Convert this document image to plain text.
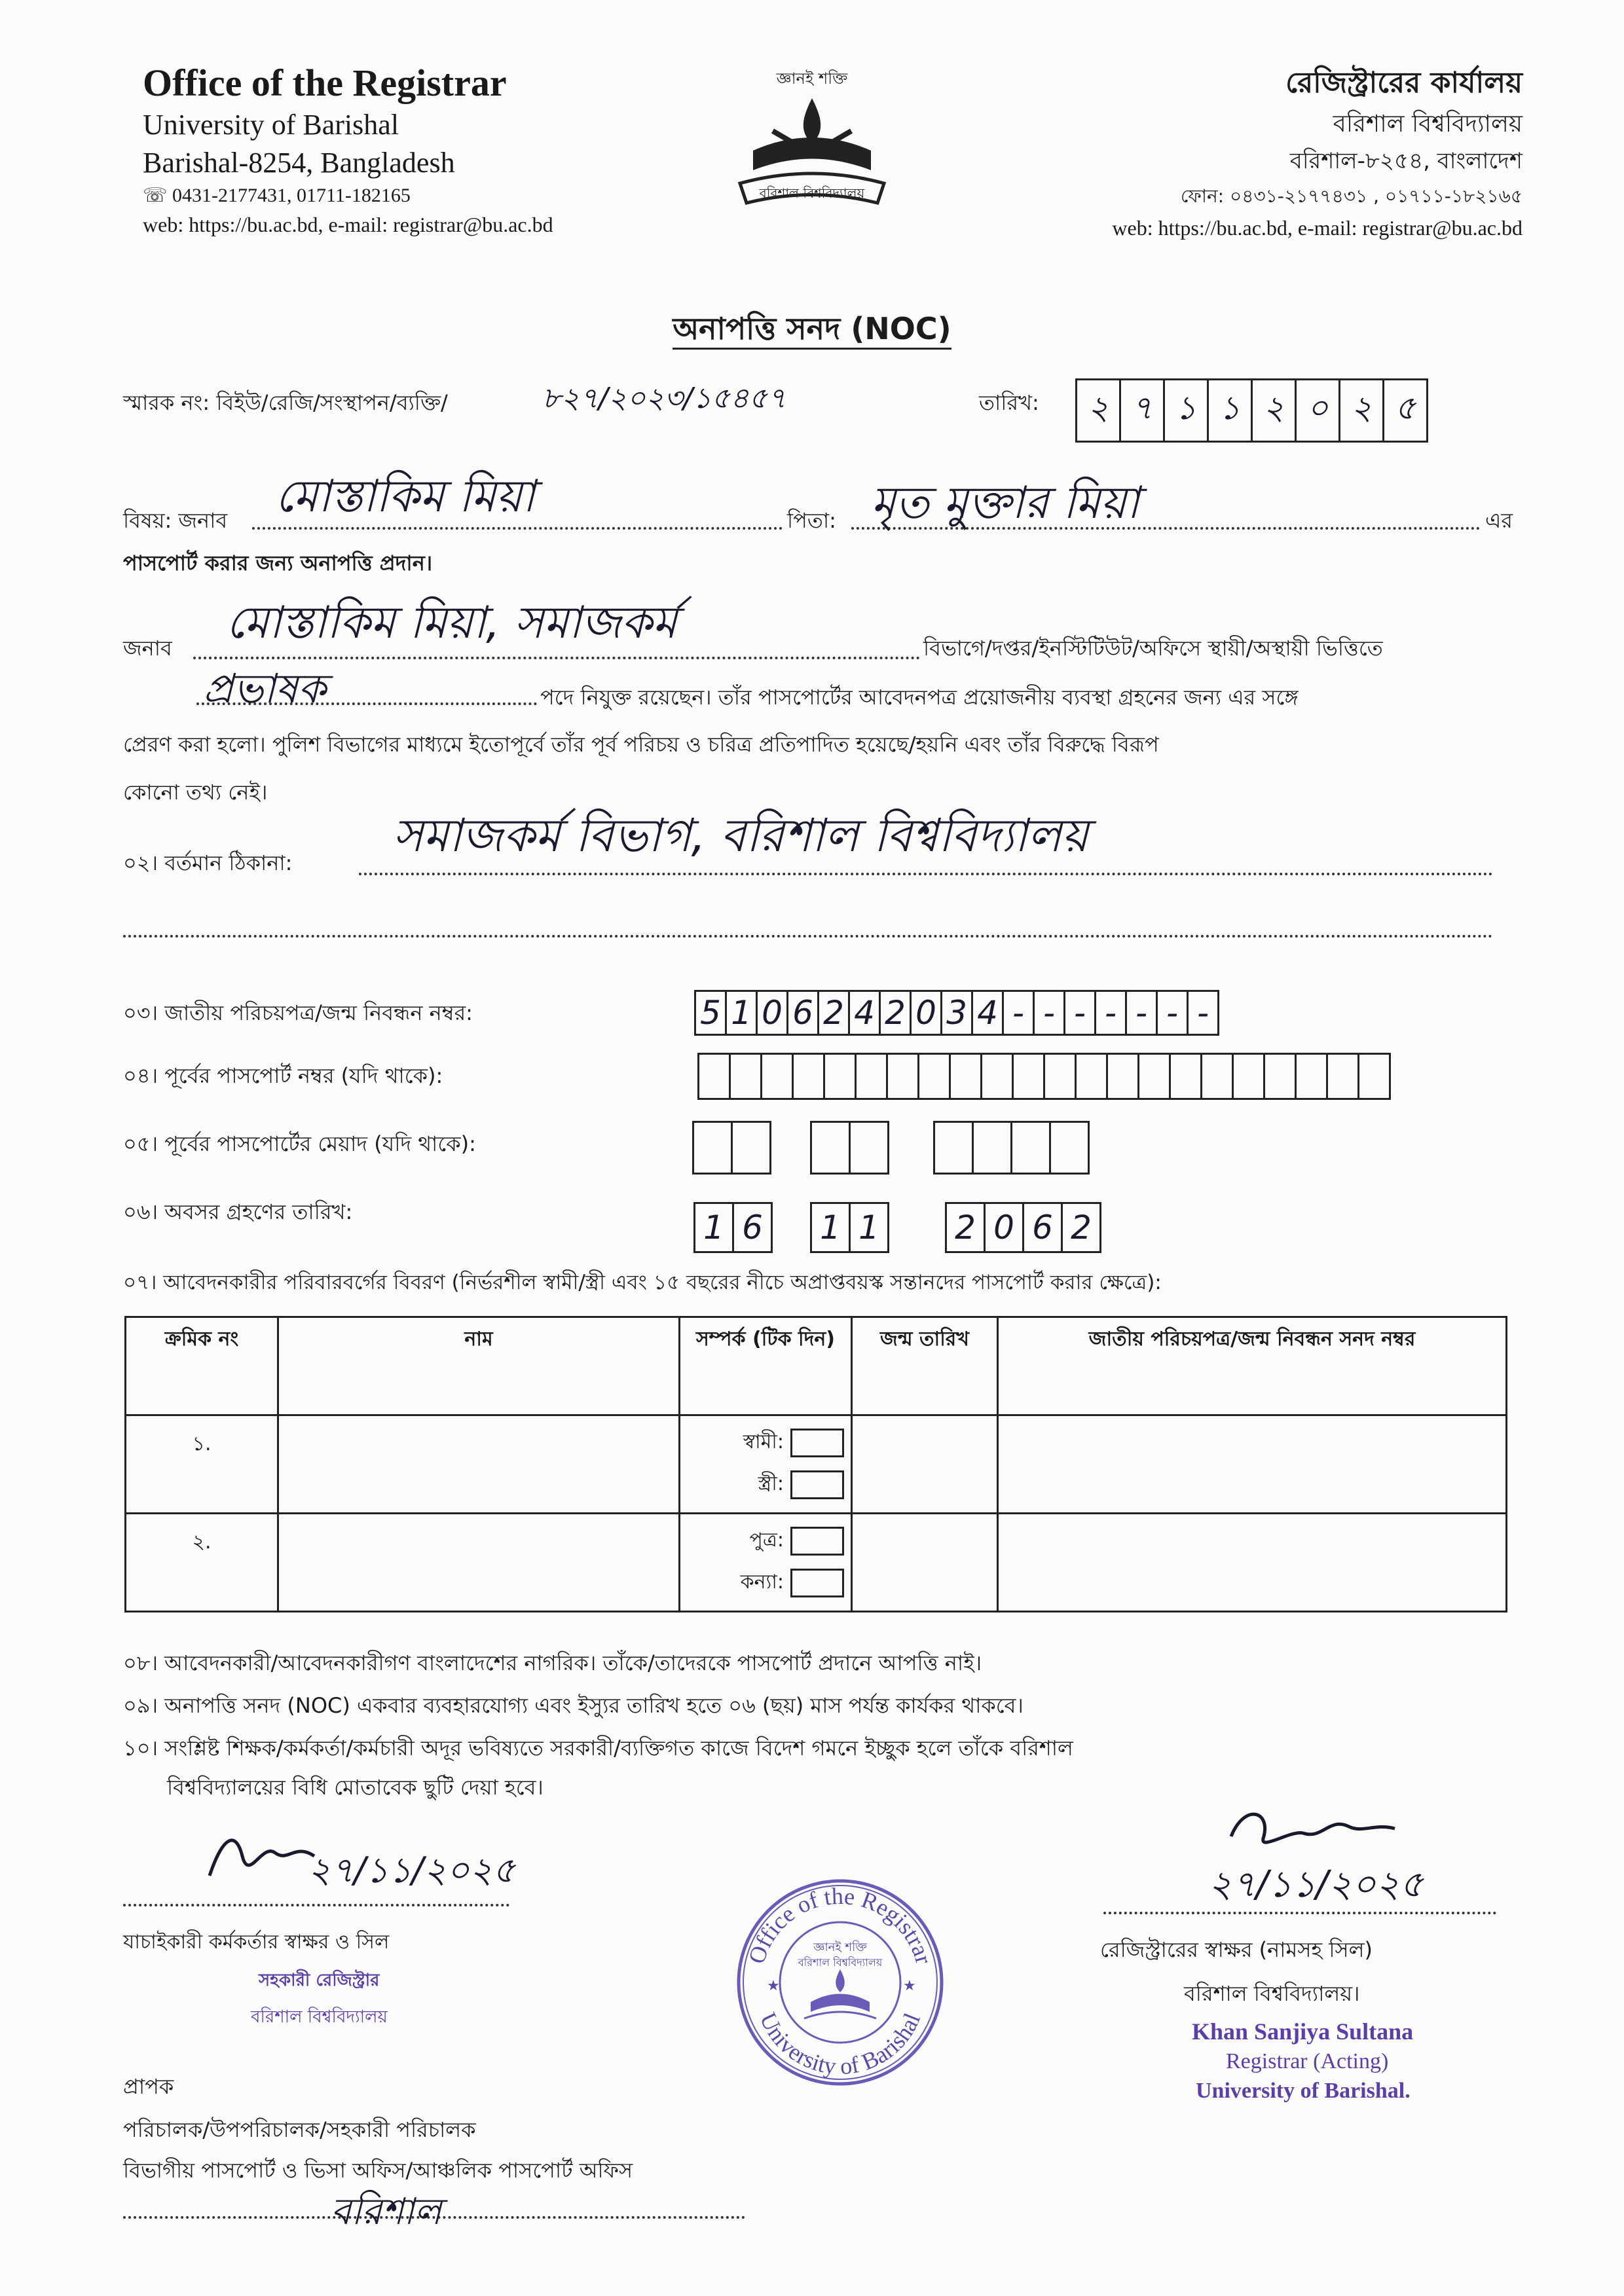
Office of the Registrar
University of Barishal
Barishal-8254, Bangladesh
☏ 0431-2177431, 01711-182165
web: https://bu.ac.bd, e-mail: registrar@bu.ac.bd
জ্ঞানই শক্তি
বরিশাল বিশ্ববিদ্যালয়
রেজিস্ট্রারের কার্যালয়
বরিশাল বিশ্ববিদ্যালয়
বরিশাল-৮২৫৪, বাংলাদেশ
ফোন: ০৪৩১-২১৭৭৪৩১ , ০১৭১১-১৮২১৬৫
web: https://bu.ac.bd, e-mail: registrar@bu.ac.bd
অনাপত্তি সনদ (NOC)
স্মারক নং: বিইউ/রেজি/সংস্থাপন/ব্যক্তি/	৮২৭/২০২৩/১৫৪৫৭	তারিখ:	২ ৭ ১ ১ ২ ০ ২ ৫
বিষয়: জনাব মোস্তাকিম মিয়া	পিতা: মৃত মুক্তার মিয়া	এর
পাসপোর্ট করার জন্য অনাপত্তি প্রদান।
জনাব মোস্তাকিম মিয়া, সমাজকর্ম	বিভাগে/দপ্তর/ইনস্টিটিউট/অফিসে স্থায়ী/অস্থায়ী ভিত্তিতে
প্রভাষক	পদে নিযুক্ত রয়েছেন। তাঁর পাসপোর্টের আবেদনপত্র প্রয়োজনীয় ব্যবস্থা গ্রহনের জন্য এর সঙ্গে
প্রেরণ করা হলো। পুলিশ বিভাগের মাধ্যমে ইতোপূর্বে তাঁর পূর্ব পরিচয় ও চরিত্র প্রতিপাদিত হয়েছে/হয়নি এবং তাঁর বিরুদ্ধে বিরূপ
কোনো তথ্য নেই।
০২। বর্তমান ঠিকানা:
সমাজকর্ম বিভাগ, বরিশাল বিশ্ববিদ্যালয়
০৩। জাতীয় পরিচয়পত্র/জন্ম নিবন্ধন নম্বর:	5 1 0 6 2 4 2 0 3 4 - - - - - - -
০৪। পূর্বের পাসপোর্ট নম্বর (যদি থাকে):
০৫। পূর্বের পাসপোর্টের মেয়াদ (যদি থাকে):
০৬। অবসর গ্রহণের তারিখ:	1 6	1 1	2 0 6 2
০৭। আবেদনকারীর পরিবারবর্গের বিবরণ (নির্ভরশীল স্বামী/স্ত্রী এবং ১৫ বছরের নীচে অপ্রাপ্তবয়স্ক সন্তানদের পাসপোর্ট করার ক্ষেত্রে):
ক্রমিক নং	নাম	সম্পর্ক (টিক দিন)	জন্ম তারিখ	জাতীয় পরিচয়পত্র/জন্ম নিবন্ধন সনদ নম্বর
১.		স্বামী:
স্ত্রী:		

২.		পুত্র:
কন্যা:		

০৮। আবেদনকারী/আবেদনকারীগণ বাংলাদেশের নাগরিক। তাঁকে/তাদেরকে পাসপোর্ট প্রদানে আপত্তি নাই।
০৯। অনাপত্তি সনদ (NOC) একবার ব্যবহারযোগ্য এবং ইস্যুর তারিখ হতে ০৬ (ছয়) মাস পর্যন্ত কার্যকর থাকবে।
১০। সংশ্লিষ্ট শিক্ষক/কর্মকর্তা/কর্মচারী অদূর ভবিষ্যতে সরকারী/ব্যক্তিগত কাজে বিদেশ গমনে ইচ্ছুক হলে তাঁকে বরিশাল
বিশ্ববিদ্যালয়ের বিধি মোতাবেক ছুটি দেয়া হবে।
২৭/১১/২০২৫
যাচাইকারী কর্মকর্তার স্বাক্ষর ও সিল
সহকারী রেজিস্ট্রার
বরিশাল বিশ্ববিদ্যালয়
Office of the Registrar
University of Barishal
জ্ঞানই শক্তি
বরিশাল বিশ্ববিদ্যালয়
★	★
২৭/১১/২০২৫
রেজিস্ট্রারের স্বাক্ষর (নামসহ সিল)
বরিশাল বিশ্ববিদ্যালয়।
Khan Sanjiya Sultana
Registrar (Acting)
University of Barishal.
প্রাপক
পরিচালক/উপপরিচালক/সহকারী পরিচালক
বিভাগীয় পাসপোর্ট ও ভিসা অফিস/আঞ্চলিক পাসপোর্ট অফিস
বরিশাল
